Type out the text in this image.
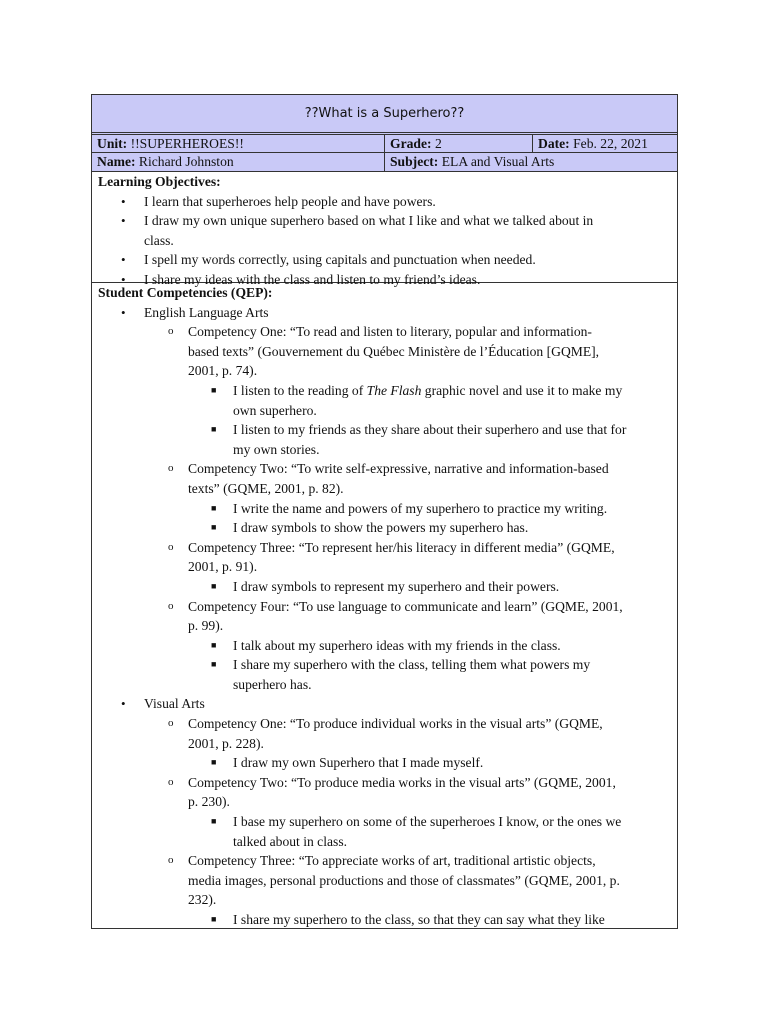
??What is a Superhero??
Unit: !!SUPERHEROES!!	Grade: 2	Date: Feb. 22, 2021
Name: Richard Johnston	Subject: ELA and Visual Arts
Learning Objectives:
• I learn that superheroes help people and have powers.
• I draw my own unique superhero based on what I like and what we talked about in
class.
• I spell my words correctly, using capitals and punctuation when needed.
• I share my ideas with the class and listen to my friend’s ideas.
Student Competencies (QEP):
• English Language Arts
o Competency One: “To read and listen to literary, popular and information-
based texts” (Gouvernement du Québec Ministère de l’Éducation [GQME],
2001, p. 74).
■ I listen to the reading of The Flash graphic novel and use it to make my
own superhero.
■ I listen to my friends as they share about their superhero and use that for
my own stories.
o Competency Two: “To write self-expressive, narrative and information-based
texts” (GQME, 2001, p. 82).
■ I write the name and powers of my superhero to practice my writing.
■ I draw symbols to show the powers my superhero has.
o Competency Three: “To represent her/his literacy in different media” (GQME,
2001, p. 91).
■ I draw symbols to represent my superhero and their powers.
o Competency Four: “To use language to communicate and learn” (GQME, 2001,
p. 99).
■ I talk about my superhero ideas with my friends in the class.
■ I share my superhero with the class, telling them what powers my
superhero has.
• Visual Arts
o Competency One: “To produce individual works in the visual arts” (GQME,
2001, p. 228).
■ I draw my own Superhero that I made myself.
o Competency Two: “To produce media works in the visual arts” (GQME, 2001,
p. 230).
■ I base my superhero on some of the superheroes I know, or the ones we
talked about in class.
o Competency Three: “To appreciate works of art, traditional artistic objects,
media images, personal productions and those of classmates” (GQME, 2001, p.
232).
■ I share my superhero to the class, so that they can say what they like
